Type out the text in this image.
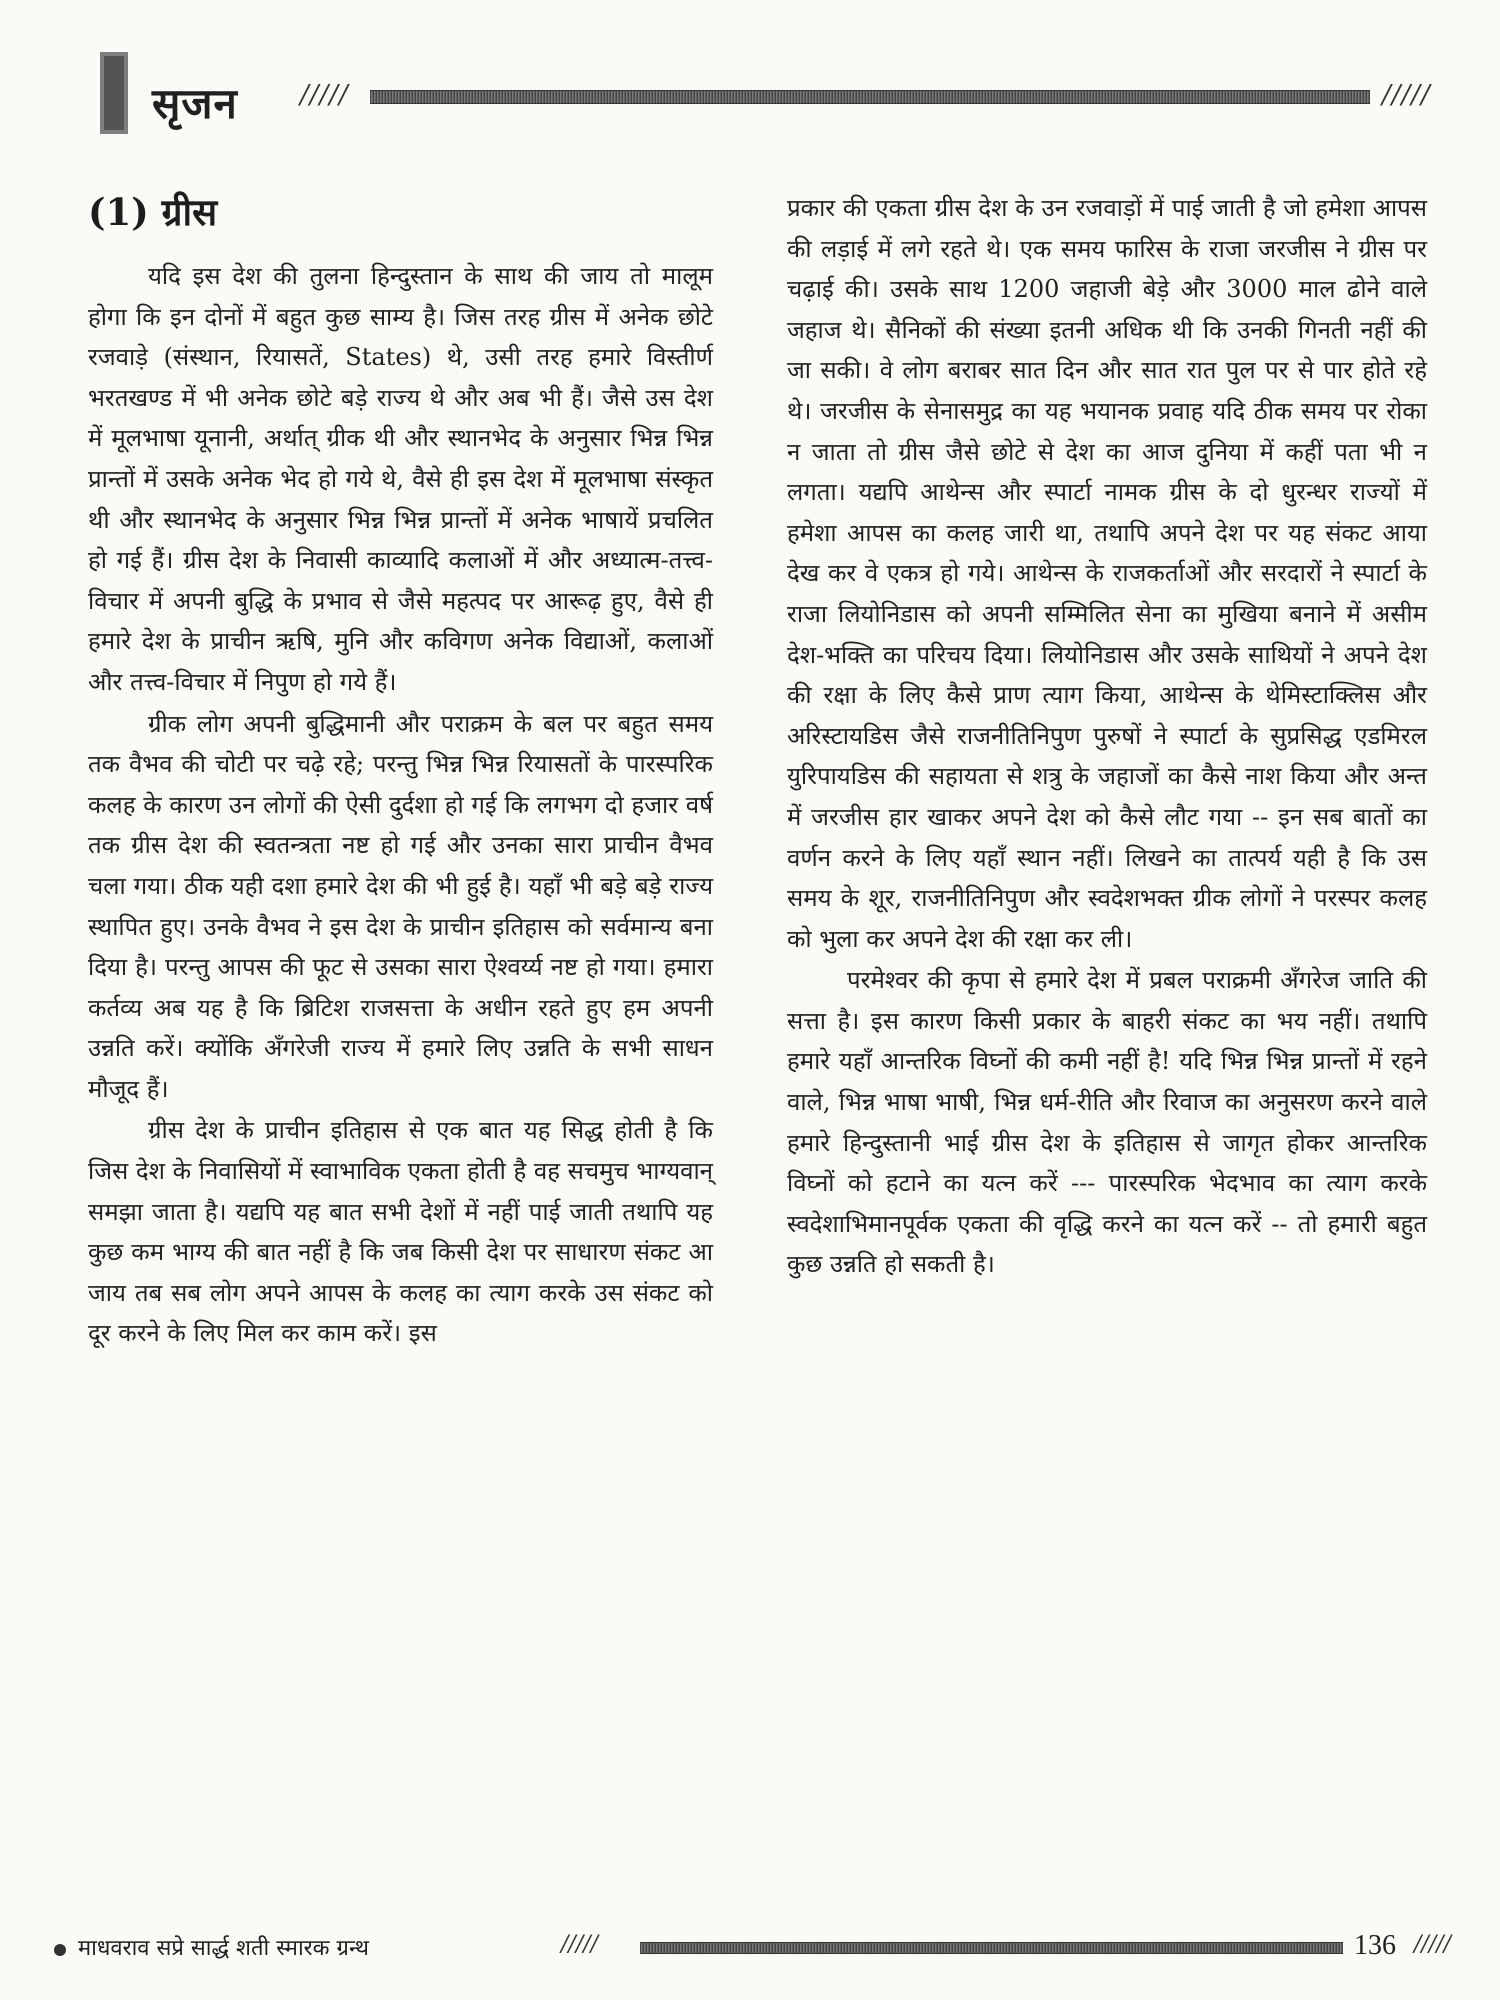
सृजन /////	/////
(1) ग्रीस

यदि इस देश की तुलना हिन्दुस्तान के साथ की जाय तो मालूम होगा कि इन दोनों में बहुत कुछ साम्य है। जिस तरह ग्रीस में अनेक छोटे रजवाड़े (संस्थान, रियासतें, States) थे, उसी तरह हमारे विस्तीर्ण भरतखण्ड में भी अनेक छोटे बड़े राज्य थे और अब भी हैं। जैसे उस देश में मूलभाषा यूनानी, अर्थात् ग्रीक थी और स्थानभेद के अनुसार भिन्न भिन्न प्रान्तों में उसके अनेक भेद हो गये थे, वैसे ही इस देश में मूलभाषा संस्कृत थी और स्थानभेद के अनुसार भिन्न भिन्न प्रान्तों में अनेक भाषायें प्रचलित हो गई हैं। ग्रीस देश के निवासी काव्यादि कलाओं में और अध्यात्म-तत्त्व-विचार में अपनी बुद्धि के प्रभाव से जैसे महत्पद पर आरूढ़ हुए, वैसे ही हमारे देश के प्राचीन ऋषि, मुनि और कविगण अनेक विद्याओं, कलाओं और तत्त्व-विचार में निपुण हो गये हैं।

ग्रीक लोग अपनी बुद्धिमानी और पराक्रम के बल पर बहुत समय तक वैभव की चोटी पर चढ़े रहे; परन्तु भिन्न भिन्न रियासतों के पारस्परिक कलह के कारण उन लोगों की ऐसी दुर्दशा हो गई कि लगभग दो हजार वर्ष तक ग्रीस देश की स्वतन्त्रता नष्ट हो गई और उनका सारा प्राचीन वैभव चला गया। ठीक यही दशा हमारे देश की भी हुई है। यहाँ भी बड़े बड़े राज्य स्थापित हुए। उनके वैभव ने इस देश के प्राचीन इतिहास को सर्वमान्य बना दिया है। परन्तु आपस की फूट से उसका सारा ऐश्वर्य्य नष्ट हो गया। हमारा कर्तव्य अब यह है कि ब्रिटिश राजसत्ता के अधीन रहते हुए हम अपनी उन्नति करें। क्योंकि अँगरेजी राज्य में हमारे लिए उन्नति के सभी साधन मौजूद हैं।

ग्रीस देश के प्राचीन इतिहास से एक बात यह सिद्ध होती है कि जिस देश के निवासियों में स्वाभाविक एकता होती है वह सचमुच भाग्यवान् समझा जाता है। यद्यपि यह बात सभी देशों में नहीं पाई जाती तथापि यह कुछ कम भाग्य की बात नहीं है कि जब किसी देश पर साधारण संकट आ जाय तब सब लोग अपने आपस के कलह का त्याग करके उस संकट को दूर करने के लिए मिल कर काम करें। इस

प्रकार की एकता ग्रीस देश के उन रजवाड़ों में पाई जाती है जो हमेशा आपस की लड़ाई में लगे रहते थे। एक समय फारिस के राजा जरजीस ने ग्रीस पर चढ़ाई की। उसके साथ 1200 जहाजी बेड़े और 3000 माल ढोने वाले जहाज थे। सैनिकों की संख्या इतनी अधिक थी कि उनकी गिनती नहीं की जा सकी। वे लोग बराबर सात दिन और सात रात पुल पर से पार होते रहे थे। जरजीस के सेनासमुद्र का यह भयानक प्रवाह यदि ठीक समय पर रोका न जाता तो ग्रीस जैसे छोटे से देश का आज दुनिया में कहीं पता भी न लगता। यद्यपि आथेन्स और स्पार्टा नामक ग्रीस के दो धुरन्धर राज्यों में हमेशा आपस का कलह जारी था, तथापि अपने देश पर यह संकट आया देख कर वे एकत्र हो गये। आथेन्स के राजकर्ताओं और सरदारों ने स्पार्टा के राजा लियोनिडास को अपनी सम्मिलित सेना का मुखिया बनाने में असीम देश-भक्ति का परिचय दिया। लियोनिडास और उसके साथियों ने अपने देश की रक्षा के लिए कैसे प्राण त्याग किया, आथेन्स के थेमिस्टाक्लिस और अरिस्टायडिस जैसे राजनीतिनिपुण पुरुषों ने स्पार्टा के सुप्रसिद्ध एडमिरल युरिपायडिस की सहायता से शत्रु के जहाजों का कैसे नाश किया और अन्त में जरजीस हार खाकर अपने देश को कैसे लौट गया -- इन सब बातों का वर्णन करने के लिए यहाँ स्थान नहीं। लिखने का तात्पर्य यही है कि उस समय के शूर, राजनीतिनिपुण और स्वदेशभक्त ग्रीक लोगों ने परस्पर कलह को भुला कर अपने देश की रक्षा कर ली।

परमेश्वर की कृपा से हमारे देश में प्रबल पराक्रमी अँगरेज जाति की सत्ता है। इस कारण किसी प्रकार के बाहरी संकट का भय नहीं। तथापि हमारे यहाँ आन्तरिक विघ्नों की कमी नहीं है! यदि भिन्न भिन्न प्रान्तों में रहने वाले, भिन्न भाषा भाषी, भिन्न धर्म-रीति और रिवाज का अनुसरण करने वाले हमारे हिन्दुस्तानी भाई ग्रीस देश के इतिहास से जागृत होकर आन्तरिक विघ्नों को हटाने का यत्न करें --- पारस्परिक भेदभाव का त्याग करके स्वदेशाभिमानपूर्वक एकता की वृद्धि करने का यत्न करें -- तो हमारी बहुत कुछ उन्नति हो सकती है।

माधवराव सप्रे सार्द्ध शती स्मारक ग्रन्थ	/////	136 /////
